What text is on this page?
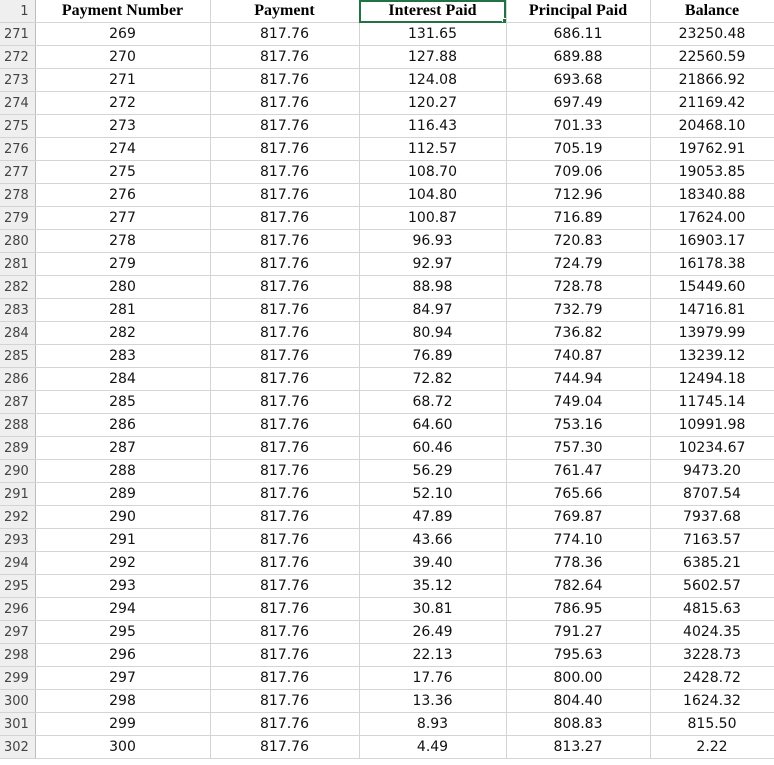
1	Payment Number	Payment	Interest Paid	Principal Paid	Balance
271	269	817.76	131.65	686.11	23250.48
272	270	817.76	127.88	689.88	22560.59
273	271	817.76	124.08	693.68	21866.92
274	272	817.76	120.27	697.49	21169.42
275	273	817.76	116.43	701.33	20468.10
276	274	817.76	112.57	705.19	19762.91
277	275	817.76	108.70	709.06	19053.85
278	276	817.76	104.80	712.96	18340.88
279	277	817.76	100.87	716.89	17624.00
280	278	817.76	96.93	720.83	16903.17
281	279	817.76	92.97	724.79	16178.38
282	280	817.76	88.98	728.78	15449.60
283	281	817.76	84.97	732.79	14716.81
284	282	817.76	80.94	736.82	13979.99
285	283	817.76	76.89	740.87	13239.12
286	284	817.76	72.82	744.94	12494.18
287	285	817.76	68.72	749.04	11745.14
288	286	817.76	64.60	753.16	10991.98
289	287	817.76	60.46	757.30	10234.67
290	288	817.76	56.29	761.47	9473.20
291	289	817.76	52.10	765.66	8707.54
292	290	817.76	47.89	769.87	7937.68
293	291	817.76	43.66	774.10	7163.57
294	292	817.76	39.40	778.36	6385.21
295	293	817.76	35.12	782.64	5602.57
296	294	817.76	30.81	786.95	4815.63
297	295	817.76	26.49	791.27	4024.35
298	296	817.76	22.13	795.63	3228.73
299	297	817.76	17.76	800.00	2428.72
300	298	817.76	13.36	804.40	1624.32
301	299	817.76	8.93	808.83	815.50
302	300	817.76	4.49	813.27	2.22
